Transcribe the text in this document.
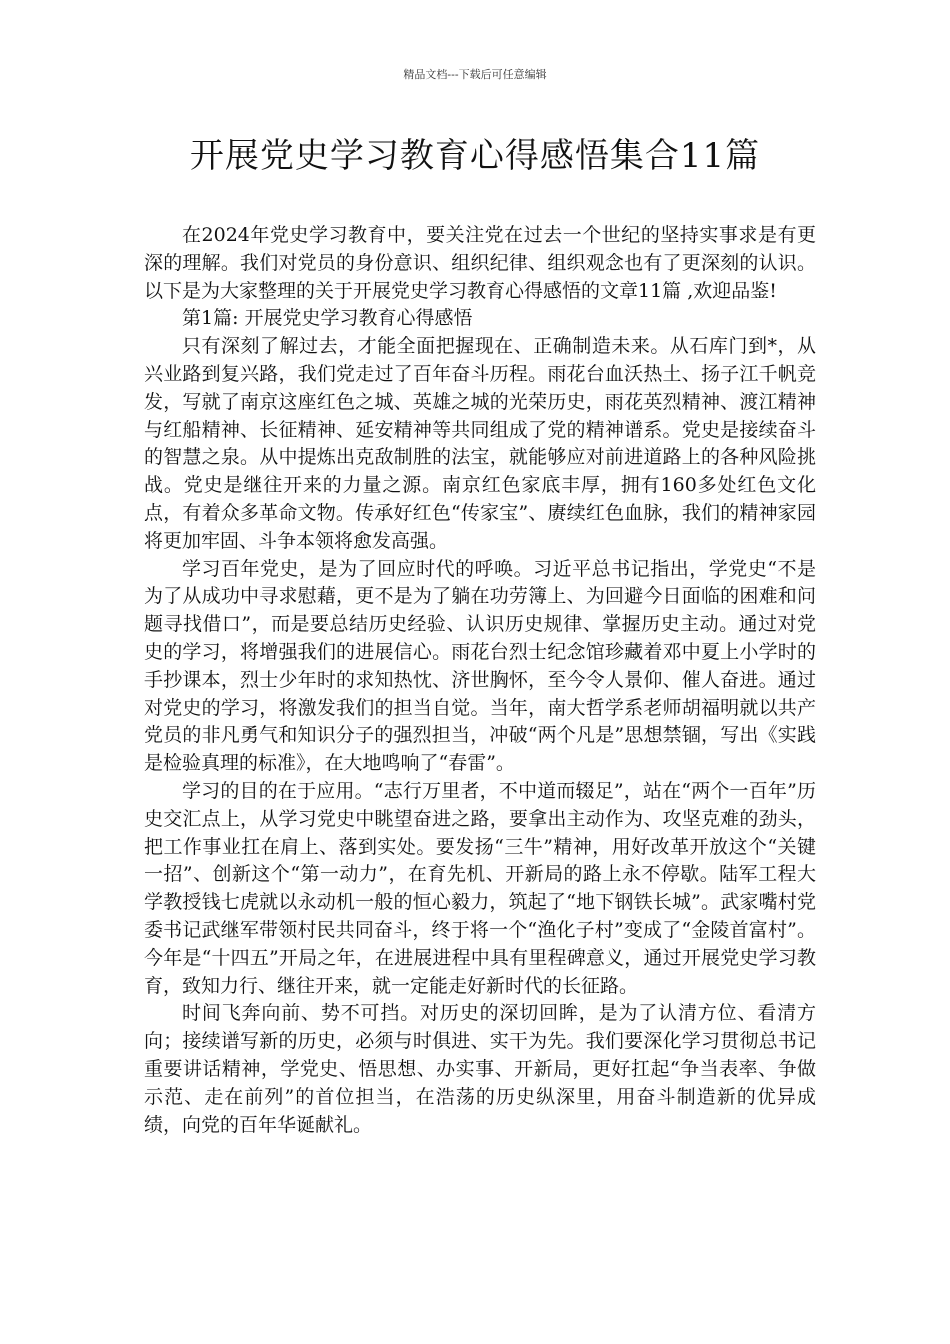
精品文档---下载后可任意编辑
开展党史学习教育心得感悟集合11篇

在2024年党史学习教育中，要关注党在过去一个世纪的坚持实事求是有更深的理解。我们对党员的身份意识、组织纪律、组织观念也有了更深刻的认识。 以下是为大家整理的关于开展党史学习教育心得感悟的文章11篇 ,欢迎品鉴!

第1篇: 开展党史学习教育心得感悟

只有深刻了解过去，才能全面把握现在、正确制造未来。从石库门到*，从兴业路到复兴路，我们党走过了百年奋斗历程。雨花台血沃热土、扬子江千帆竞发，写就了南京这座红色之城、英雄之城的光荣历史，雨花英烈精神、渡江精神与红船精神、长征精神、延安精神等共同组成了党的精神谱系。党史是接续奋斗的智慧之泉。从中提炼出克敌制胜的法宝，就能够应对前进道路上的各种风险挑战。党史是继往开来的力量之源。南京红色家底丰厚，拥有160多处红色文化点，有着众多革命文物。传承好红色“传家宝”、赓续红色血脉，我们的精神家园将更加牢固、斗争本领将愈发高强。

学习百年党史，是为了回应时代的呼唤。习近平总书记指出，学党史“不是为了从成功中寻求慰藉，更不是为了躺在功劳簿上、为回避今日面临的困难和问题寻找借口”，而是要总结历史经验、认识历史规律、掌握历史主动。通过对党史的学习，将增强我们的进展信心。雨花台烈士纪念馆珍藏着邓中夏上小学时的手抄课本，烈士少年时的求知热忱、济世胸怀，至今令人景仰、催人奋进。通过对党史的学习，将激发我们的担当自觉。当年，南大哲学系老师胡福明就以共产党员的非凡勇气和知识分子的强烈担当，冲破“两个凡是”思想禁锢，写出《实践是检验真理的标准》，在大地鸣响了“春雷”。

学习的目的在于应用。“志行万里者，不中道而辍足”，站在“两个一百年”历史交汇点上，从学习党史中眺望奋进之路，要拿出主动作为、攻坚克难的劲头，把工作事业扛在肩上、落到实处。要发扬“三牛”精神，用好改革开放这个“关键一招”、创新这个“第一动力”，在育先机、开新局的路上永不停歇。陆军工程大学教授钱七虎就以永动机一般的恒心毅力，筑起了“地下钢铁长城”。武家嘴村党委书记武继军带领村民共同奋斗，终于将一个“渔化子村”变成了“金陵首富村”。今年是“十四五”开局之年，在进展进程中具有里程碑意义，通过开展党史学习教育，致知力行、继往开来，就一定能走好新时代的长征路。

时间飞奔向前、势不可挡。对历史的深切回眸，是为了认清方位、看清方向；接续谱写新的历史，必须与时俱进、实干为先。我们要深化学习贯彻总书记重要讲话精神，学党史、悟思想、办实事、开新局，更好扛起“争当表率、争做示范、走在前列”的首位担当，在浩荡的历史纵深里，用奋斗制造新的优异成绩，向党的百年华诞献礼。
